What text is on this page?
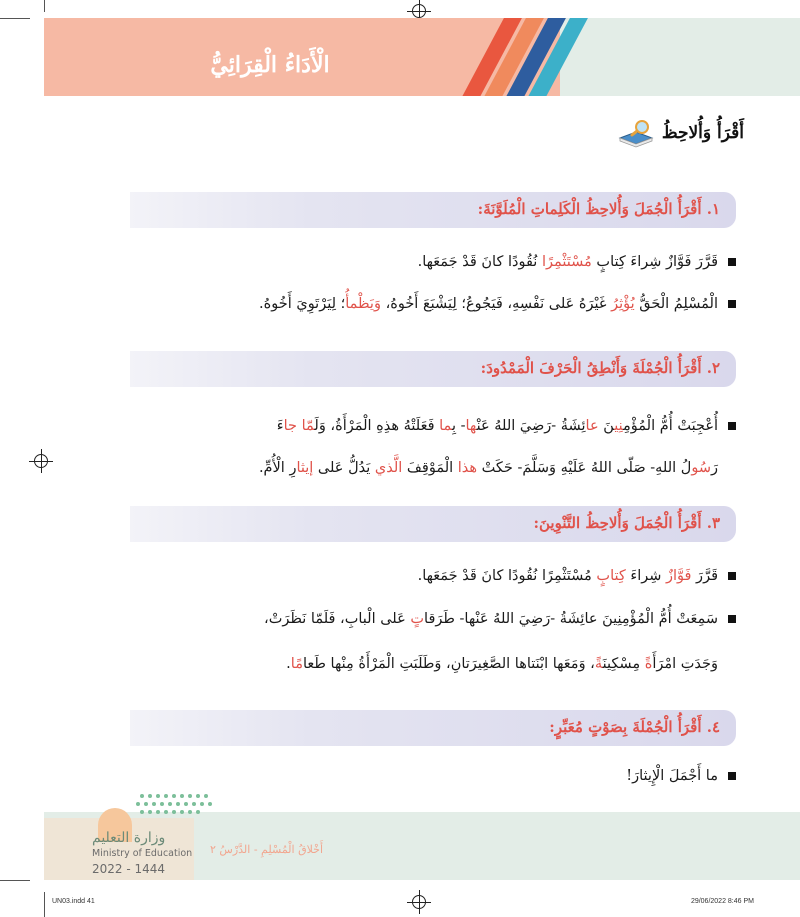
الْأَدَاءُ الْقِرَائِيُّ
أَقْرَأُ وَأُلاحِظُ
١. أَقْرَأُ الْجُمَلَ وَأُلاحِظُ الْكَلِماتِ الْمُلَوَّنَةَ:
٢. أَقْرَأُ الْجُمْلَةَ وَأَنْطِقُ الْحَرْفَ الْمَمْدُودَ:
٣. أَقْرَأُ الْجُمَلَ وَأُلاحِظُ التَّنْوِينَ:
٤. أَقْرَأُ الْجُمْلَةَ بِصَوْتٍ مُعَبِّرٍ:
قَرَّرَ فَوَّازٌ شِراءَ كِتابٍ مُسْتَثْمِرًا نُقُودًا كانَ قَدْ جَمَعَها.
الْمُسْلِمُ الْحَقُّ يُؤْثِرُ غَيْرَهُ عَلى نَفْسِهِ، فَيَجُوعُ؛ لِيَشْبَعَ أَخُوهُ، وَيَظْمأُ؛ لِيَرْتَوِيَ أَخُوهُ.
أُعْجِبَتْ أُمُّ الْمُؤْمِنِينَ عائِشَةُ -رَضِيَ اللهُ عَنْها- بِما فَعَلَتْهُ هذِهِ الْمَرْأَةُ، وَلَمّا جاءَ
رَسُولُ اللهِ- صَلّى اللهُ عَلَيْهِ وَسَلَّمَ- حَكَتْ هذا الْمَوْقِفَ الَّذي يَدُلُّ عَلى إيثارِ الْأُمِّ.
قَرَّرَ فَوَّازٌ شِراءَ كِتابٍ مُسْتَثْمِرًا نُقُودًا كانَ قَدْ جَمَعَها.
سَمِعَتْ أُمُّ الْمُؤْمِنِينَ عائِشَةُ -رَضِيَ اللهُ عَنْها- طَرَقاتٍ عَلى الْبابِ، فَلَمّا نَظَرَتْ،
وَجَدَتِ امْرَأَةً مِسْكِينَةً، وَمَعَها ابْنَتاها الصَّغِيرَتانِ، وَطَلَبَتِ الْمَرْأَةُ مِنْها طَعامًا.
ما أَجْمَلَ الْإِيثارَ!
وزارة التعليم
Ministry of Education
2022 - 1444
أَخْلاقُ الْمُسْلِمِ - الدَّرْسُ ٢
UN03.indd 41	29/06/2022 8:46 PM
